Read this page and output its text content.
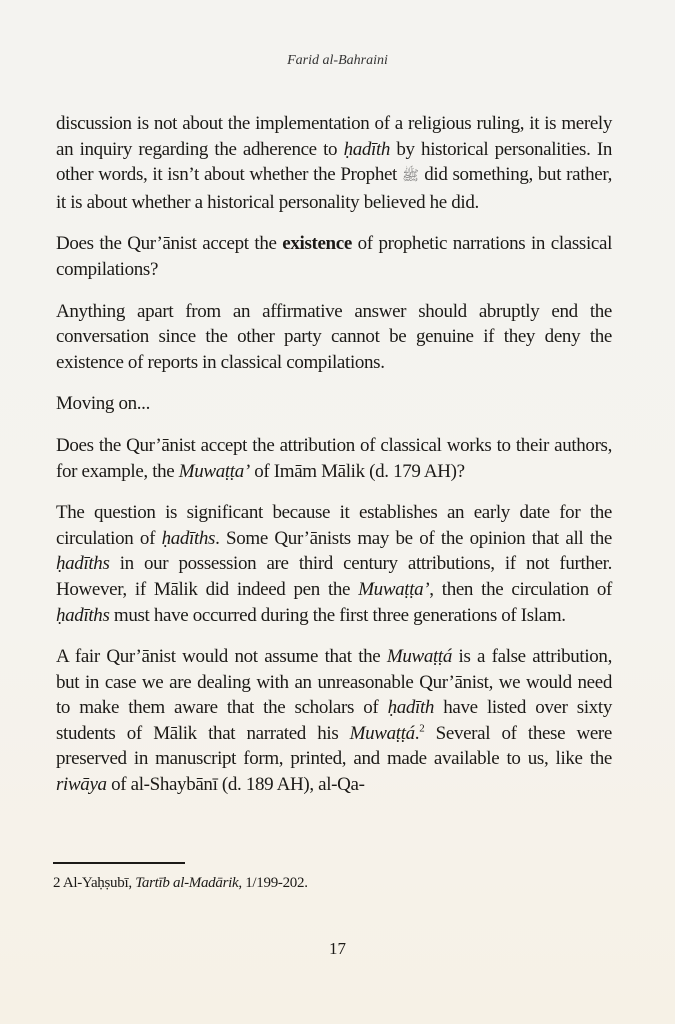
Farid al-Bahraini

discussion is not about the implementation of a religious ruling, it is merely an inquiry regarding the adherence to ḥadīth by historical personalities. In other words, it isn’t about whether the Prophet ﷺ did something, but rather, it is about whether a historical personality believed he did.

Does the Qur’ānist accept the existence of prophetic narrations in classical compilations?

Anything apart from an affirmative answer should abruptly end the conversation since the other party cannot be genuine if they deny the existence of reports in classical compilations.

Moving on...

Does the Qur’ānist accept the attribution of classical works to their authors, for example, the Muwaṭṭa’ of Imām Mālik (d. 179 AH)?

The question is significant because it establishes an early date for the circulation of ḥadīths. Some Qur’ānists may be of the opinion that all the ḥadīths in our possession are third century attributions, if not further. However, if Mālik did indeed pen the Muwaṭṭa’, then the circulation of ḥadīths must have occurred during the first three generations of Islam.

A fair Qur’ānist would not assume that the Muwaṭṭá is a false attribution, but in case we are dealing with an unreasonable Qur’ānist, we would need to make them aware that the scholars of ḥadīth have listed over sixty students of Mālik that narrated his Muwaṭṭá.$^2$ Several of these were preserved in manuscript form, printed, and made available to us, like the riwāya of al-Shaybānī (d. 189 AH), al-Qa-

2 Al-Yaḥṣubī, Tartīb al-Madārik, 1/199-202.
17
